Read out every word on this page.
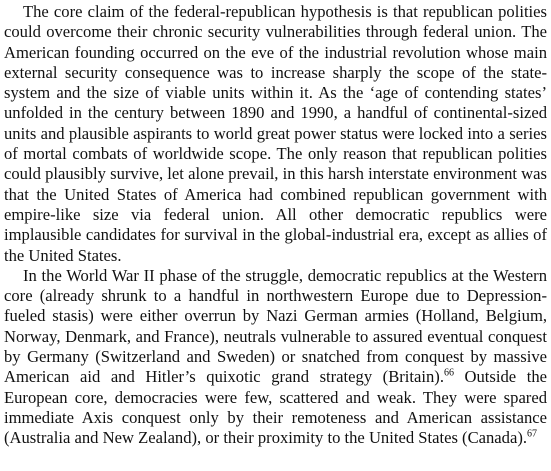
The core claim of the federal-republican hypothesis is that republican polities could overcome their chronic security vulnerabilities through federal union. The American founding occurred on the eve of the industrial revolution whose main external security consequence was to increase sharply the scope of the state-system and the size of viable units within it. As the ‘age of contending states’ unfolded in the century between 1890 and 1990, a handful of continental-sized units and plausible aspirants to world great power status were locked into a series of mortal combats of worldwide scope. The only reason that republican polities could plausibly survive, let alone prevail, in this harsh interstate environment was that the United States of America had combined republican government with empire-like size via federal union. All other democratic republics were implausible candidates for survival in the global-industrial era, except as allies of the United States.

In the World War II phase of the struggle, democratic republics at the Western core (already shrunk to a handful in northwestern Europe due to Depression-fueled stasis) were either overrun by Nazi German armies (Holland, Belgium, Norway, Denmark, and France), neutrals vulnerable to assured eventual conquest by Germany (Switzerland and Sweden) or snatched from conquest by massive American aid and Hitler’s quixotic grand strategy (Britain).$^{66}$ Outside the European core, democracies were few, scattered and weak. They were spared immediate Axis conquest only by their remoteness and American assistance (Australia and New Zealand), or their proximity to the United States (Canada).$^{67}$
